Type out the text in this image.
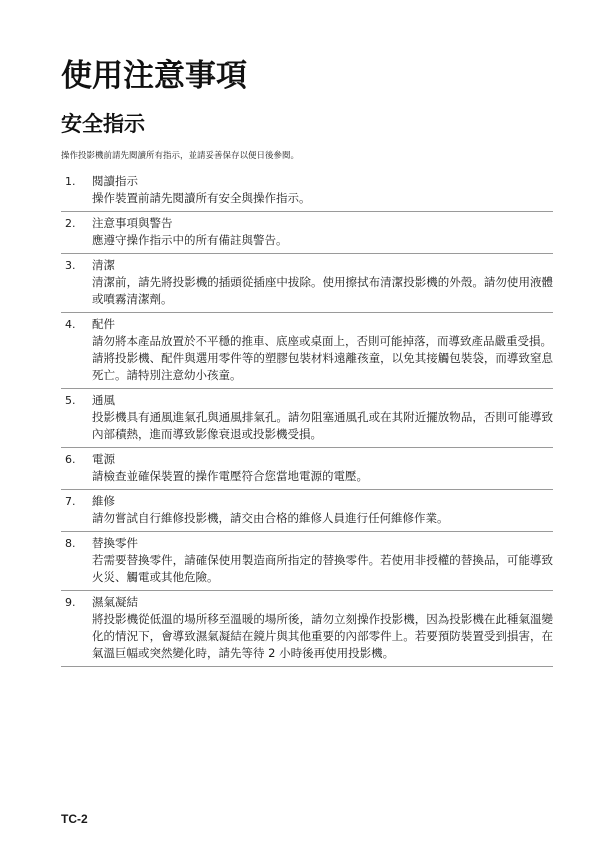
使用注意事項
安全指示

操作投影機前請先閱讀所有指示，並請妥善保存以便日後參閱。

1.	閱讀指示
操作裝置前請先閱讀所有安全與操作指示。
2.	注意事項與警告
應遵守操作指示中的所有備註與警告。
3.	清潔
清潔前，請先將投影機的插頭從插座中拔除。使用擦拭布清潔投影機的外殼。請勿使用液體或噴霧清潔劑。
4.	配件
請勿將本產品放置於不平穩的推車、底座或桌面上，否則可能掉落，而導致產品嚴重受損。
請將投影機、配件與選用零件等的塑膠包裝材料遠離孩童，以免其接觸包裝袋，而導致窒息死亡。請特別注意幼小孩童。
5.	通風
投影機具有通風進氣孔與通風排氣孔。請勿阻塞通風孔或在其附近擺放物品，否則可能導致內部積熱，進而導致影像衰退或投影機受損。
6.	電源
請檢查並確保裝置的操作電壓符合您當地電源的電壓。
7.	維修
請勿嘗試自行維修投影機，請交由合格的維修人員進行任何維修作業。
8.	替換零件
若需要替換零件，請確保使用製造商所指定的替換零件。若使用非授權的替換品，可能導致火災、觸電或其他危險。
9.	濕氣凝結
將投影機從低溫的場所移至溫暖的場所後，請勿立刻操作投影機，因為投影機在此種氣溫變化的情況下，會導致濕氣凝結在鏡片與其他重要的內部零件上。若要預防裝置受到損害，在氣溫巨幅或突然變化時，請先等待 2 小時後再使用投影機。

TC-2
